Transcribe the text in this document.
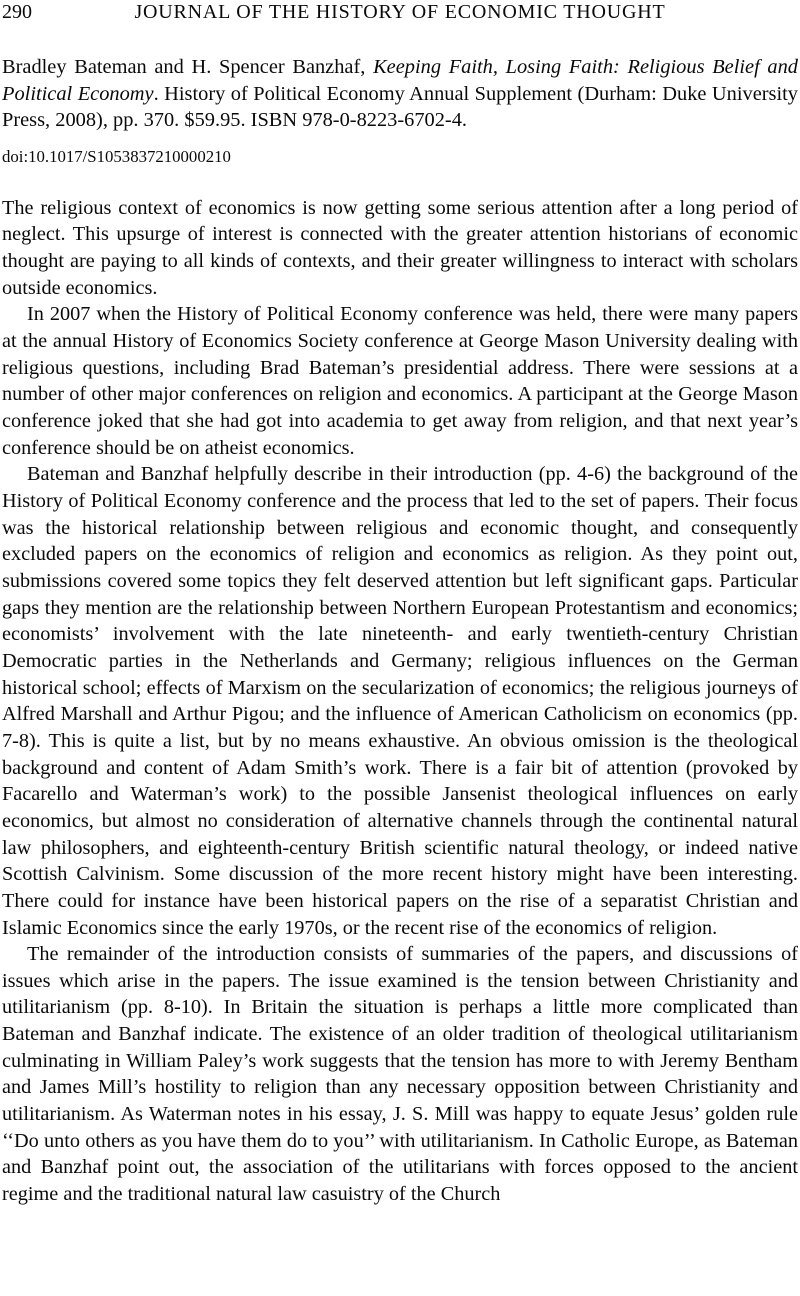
290	JOURNAL OF THE HISTORY OF ECONOMIC THOUGHT
Bradley Bateman and H. Spencer Banzhaf, Keeping Faith, Losing Faith: Religious Belief and Political Economy. History of Political Economy Annual Supplement (Durham: Duke University Press, 2008), pp. 370. $59.95. ISBN 978-0-8223-6702-4.
doi:10.1017/S1053837210000210

The religious context of economics is now getting some serious attention after a long period of neglect. This upsurge of interest is connected with the greater attention historians of economic thought are paying to all kinds of contexts, and their greater willingness to interact with scholars outside economics.

In 2007 when the History of Political Economy conference was held, there were many papers at the annual History of Economics Society conference at George Mason University dealing with religious questions, including Brad Bateman’s presidential address. There were sessions at a number of other major conferences on religion and economics. A participant at the George Mason conference joked that she had got into academia to get away from religion, and that next year’s conference should be on atheist economics.

Bateman and Banzhaf helpfully describe in their introduction (pp. 4-6) the background of the History of Political Economy conference and the process that led to the set of papers. Their focus was the historical relationship between religious and economic thought, and consequently excluded papers on the economics of religion and economics as religion. As they point out, submissions covered some topics they felt deserved attention but left significant gaps. Particular gaps they mention are the relationship between Northern European Protestantism and economics; economists’ involvement with the late nineteenth- and early twentieth-century Christian Democratic parties in the Netherlands and Germany; religious influences on the German historical school; effects of Marxism on the secularization of economics; the religious journeys of Alfred Marshall and Arthur Pigou; and the influence of American Catholicism on economics (pp. 7-8). This is quite a list, but by no means exhaustive. An obvious omission is the theological background and content of Adam Smith’s work. There is a fair bit of attention (provoked by Facarello and Waterman’s work) to the possible Jansenist theological influences on early economics, but almost no consideration of alternative channels through the continental natural law philosophers, and eighteenth-century British scientific natural theology, or indeed native Scottish Calvinism. Some discussion of the more recent history might have been interesting. There could for instance have been historical papers on the rise of a separatist Christian and Islamic Economics since the early 1970s, or the recent rise of the economics of religion.

The remainder of the introduction consists of summaries of the papers, and discussions of issues which arise in the papers. The issue examined is the tension between Christianity and utilitarianism (pp. 8-10). In Britain the situation is perhaps a little more complicated than Bateman and Banzhaf indicate. The existence of an older tradition of theological utilitarianism culminating in William Paley’s work suggests that the tension has more to with Jeremy Bentham and James Mill’s hostility to religion than any necessary opposition between Christianity and utilitarianism. As Waterman notes in his essay, J. S. Mill was happy to equate Jesus’ golden rule ‘‘Do unto others as you have them do to you’’ with utilitarianism. In Catholic Europe, as Bateman and Banzhaf point out, the association of the utilitarians with forces opposed to the ancient regime and the traditional natural law casuistry of the Church
